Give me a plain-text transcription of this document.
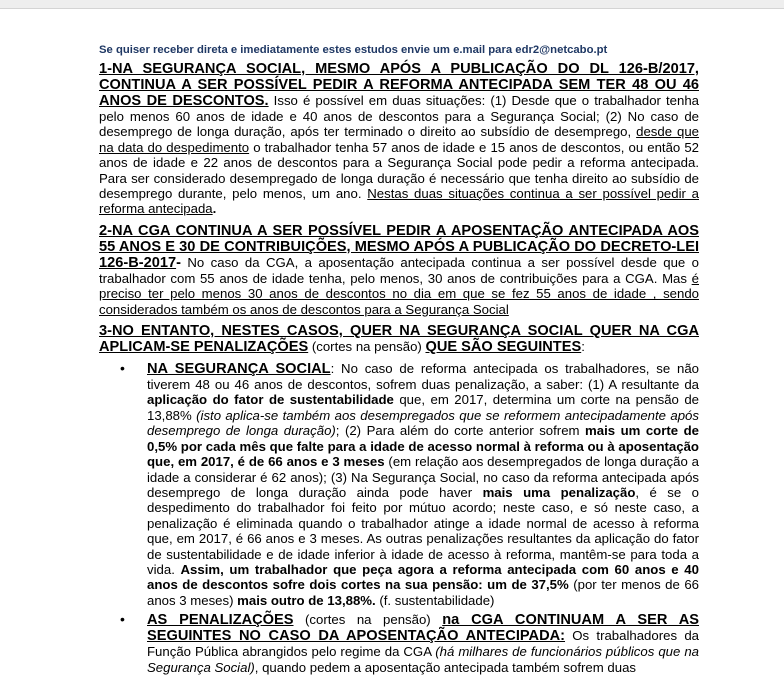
Se quiser receber direta e imediatamente estes estudos envie um e.mail para edr2@netcabo.pt

1-NA SEGURANÇA SOCIAL, MESMO APÓS A PUBLICAÇÃO DO DL 126-B/2017, CONTINUA A SER POSSÍVEL PEDIR A REFORMA ANTECIPADA SEM TER 48 OU 46 ANOS DE DESCONTOS. Isso é possível em duas situações: (1) Desde que o trabalhador tenha pelo menos 60 anos de idade e 40 anos de descontos para a Segurança Social; (2) No caso de desemprego de longa duração, após ter terminado o direito ao subsídio de desemprego, desde que na data do despedimento o trabalhador tenha 57 anos de idade e 15 anos de descontos, ou então 52 anos de idade e 22 anos de descontos para a Segurança Social pode pedir a reforma antecipada. Para ser considerado desempregado de longa duração é necessário que tenha direito ao subsídio de desemprego durante, pelo menos, um ano. Nestas duas situações continua a ser possível pedir a reforma antecipada.

2-NA CGA CONTINUA A SER POSSÍVEL PEDIR A APOSENTAÇÃO ANTECIPADA AOS 55 ANOS E 30 DE CONTRIBUIÇÕES, MESMO APÓS A PUBLICAÇÃO DO DECRETO-LEI 126-B-2017- No caso da CGA, a aposentação antecipada continua a ser possível desde que o trabalhador com 55 anos de idade tenha, pelo menos, 30 anos de contribuições para a CGA. Mas é preciso ter pelo menos 30 anos de descontos no dia em que se fez 55 anos de idade , sendo considerados também os anos de descontos para a Segurança Social

3-NO ENTANTO, NESTES CASOS, QUER NA SEGURANÇA SOCIAL QUER NA CGA APLICAM-SE PENALIZAÇÕES (cortes na pensão) QUE SÃO SEGUINTES:

• NA SEGURANÇA SOCIAL: No caso de reforma antecipada os trabalhadores, se não tiverem 48 ou 46 anos de descontos, sofrem duas penalização, a saber: (1) A resultante da aplicação do fator de sustentabilidade que, em 2017, determina um corte na pensão de 13,88% (isto aplica-se também aos desempregados que se reformem antecipadamente após desemprego de longa duração); (2) Para além do corte anterior sofrem mais um corte de 0,5% por cada mês que falte para a idade de acesso normal à reforma ou à aposentação que, em 2017, é de 66 anos e 3 meses (em relação aos desempregados de longa duração a idade a considerar é 62 anos); (3) Na Segurança Social, no caso da reforma antecipada após desemprego de longa duração ainda pode haver mais uma penalização, é se o despedimento do trabalhador foi feito por mútuo acordo; neste caso, e só neste caso, a penalização é eliminada quando o trabalhador atinge a idade normal de acesso à reforma que, em 2017, é 66 anos e 3 meses. As outras penalizações resultantes da aplicação do fator de sustentabilidade e de idade inferior à idade de acesso à reforma, mantêm-se para toda a vida. Assim, um trabalhador que peça agora a reforma antecipada com 60 anos e 40 anos de descontos sofre dois cortes na sua pensão: um de 37,5% (por ter menos de 66 anos 3 meses) mais outro de 13,88%. (f. sustentabilidade)
• AS PENALIZAÇÕES (cortes na pensão) na CGA CONTINUAM A SER AS SEGUINTES NO CASO DA APOSENTAÇÃO ANTECIPADA: Os trabalhadores da Função Pública abrangidos pelo regime da CGA (há milhares de funcionários públicos que na Segurança Social), quando pedem a aposentação antecipada também sofrem duas
